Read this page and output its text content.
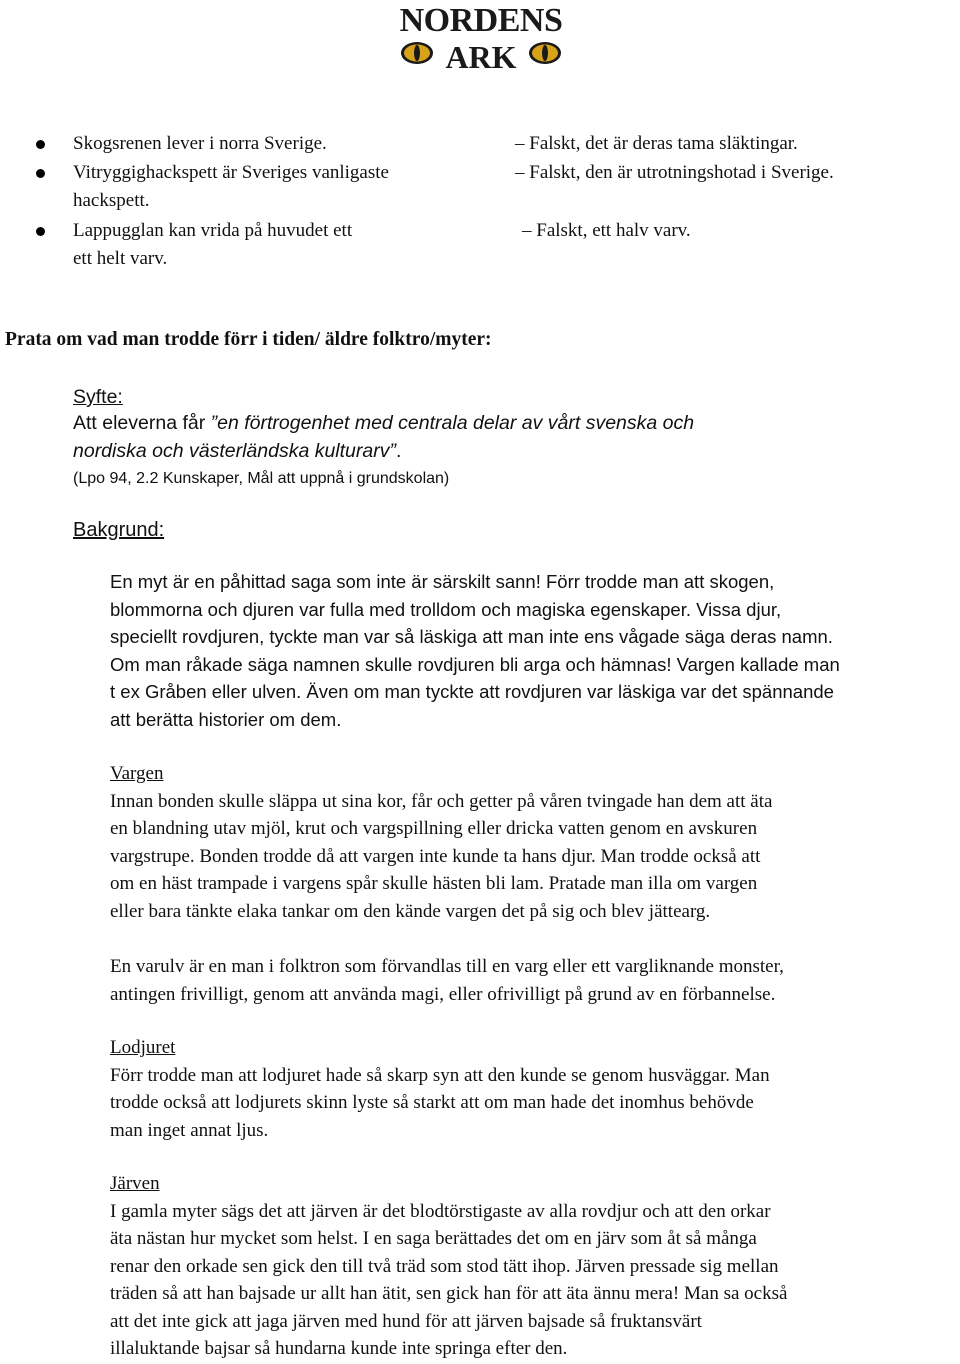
NORDENS
ARK
Skogsrenen lever i norra Sverige.	– Falskt, det är deras tama släktingar.
Vitryggighackspett är Sveriges vanligaste
hackspett.
– Falskt, den är utrotningshotad i Sverige.
Lappugglan kan vrida på huvudet ett
ett helt varv.
– Falskt, ett halv varv.
Prata om vad man trodde förr i tiden/ äldre folktro/myter:
Syfte:
Att eleverna får ”en förtrogenhet med centrala delar av vårt svenska och
nordiska och västerländska kulturarv”.
(Lpo 94, 2.2 Kunskaper, Mål att uppnå i grundskolan)
Bakgrund:
En myt är en påhittad saga som inte är särskilt sann! Förr trodde man att skogen,
blommorna och djuren var fulla med trolldom och magiska egenskaper. Vissa djur,
speciellt rovdjuren, tyckte man var så läskiga att man inte ens vågade säga deras namn.
Om man råkade säga namnen skulle rovdjuren bli arga och hämnas! Vargen kallade man
t ex Gråben eller ulven. Även om man tyckte att rovdjuren var läskiga var det spännande
att berätta historier om dem.
Vargen
Innan bonden skulle släppa ut sina kor, får och getter på våren tvingade han dem att äta
en blandning utav mjöl, krut och vargspillning eller dricka vatten genom en avskuren
vargstrupe. Bonden trodde då att vargen inte kunde ta hans djur. Man trodde också att
om en häst trampade i vargens spår skulle hästen bli lam. Pratade man illa om vargen
eller bara tänkte elaka tankar om den kände vargen det på sig och blev jättearg.
En varulv är en man i folktron som förvandlas till en varg eller ett vargliknande monster,
antingen frivilligt, genom att använda magi, eller ofrivilligt på grund av en förbannelse.
Lodjuret
Förr trodde man att lodjuret hade så skarp syn att den kunde se genom husväggar. Man
trodde också att lodjurets skinn lyste så starkt att om man hade det inomhus behövde
man inget annat ljus.
Järven
I gamla myter sägs det att järven är det blodtörstigaste av alla rovdjur och att den orkar
äta nästan hur mycket som helst. I en saga berättades det om en järv som åt så många
renar den orkade sen gick den till två träd som stod tätt ihop. Järven pressade sig mellan
träden så att han bajsade ur allt han ätit, sen gick han för att äta ännu mera! Man sa också
att det inte gick att jaga järven med hund för att järven bajsade så fruktansvärt
illaluktande bajsar så hundarna kunde inte springa efter den.
